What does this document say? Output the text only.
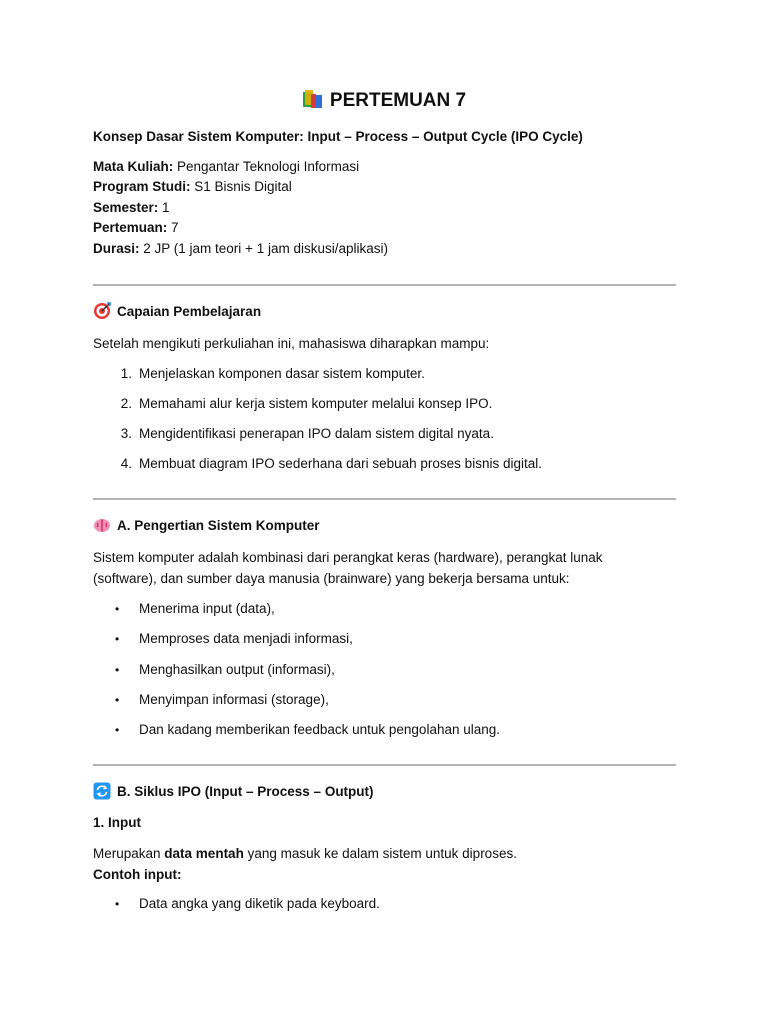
PERTEMUAN 7
Konsep Dasar Sistem Komputer: Input – Process – Output Cycle (IPO Cycle)
Mata Kuliah: Pengantar Teknologi Informasi
Program Studi: S1 Bisnis Digital
Semester: 1
Pertemuan: 7
Durasi: 2 JP (1 jam teori + 1 jam diskusi/aplikasi)
Capaian Pembelajaran
Setelah mengikuti perkuliahan ini, mahasiswa diharapkan mampu:
1. Menjelaskan komponen dasar sistem komputer.
2. Memahami alur kerja sistem komputer melalui konsep IPO.
3. Mengidentifikasi penerapan IPO dalam sistem digital nyata.
4. Membuat diagram IPO sederhana dari sebuah proses bisnis digital.
A. Pengertian Sistem Komputer
Sistem komputer adalah kombinasi dari perangkat keras (hardware), perangkat lunak
(software), dan sumber daya manusia (brainware) yang bekerja bersama untuk:
• Menerima input (data),
• Memproses data menjadi informasi,
• Menghasilkan output (informasi),
• Menyimpan informasi (storage),
• Dan kadang memberikan feedback untuk pengolahan ulang.
B. Siklus IPO (Input – Process – Output)
1. Input
Merupakan data mentah yang masuk ke dalam sistem untuk diproses.
Contoh input:
• Data angka yang diketik pada keyboard.
